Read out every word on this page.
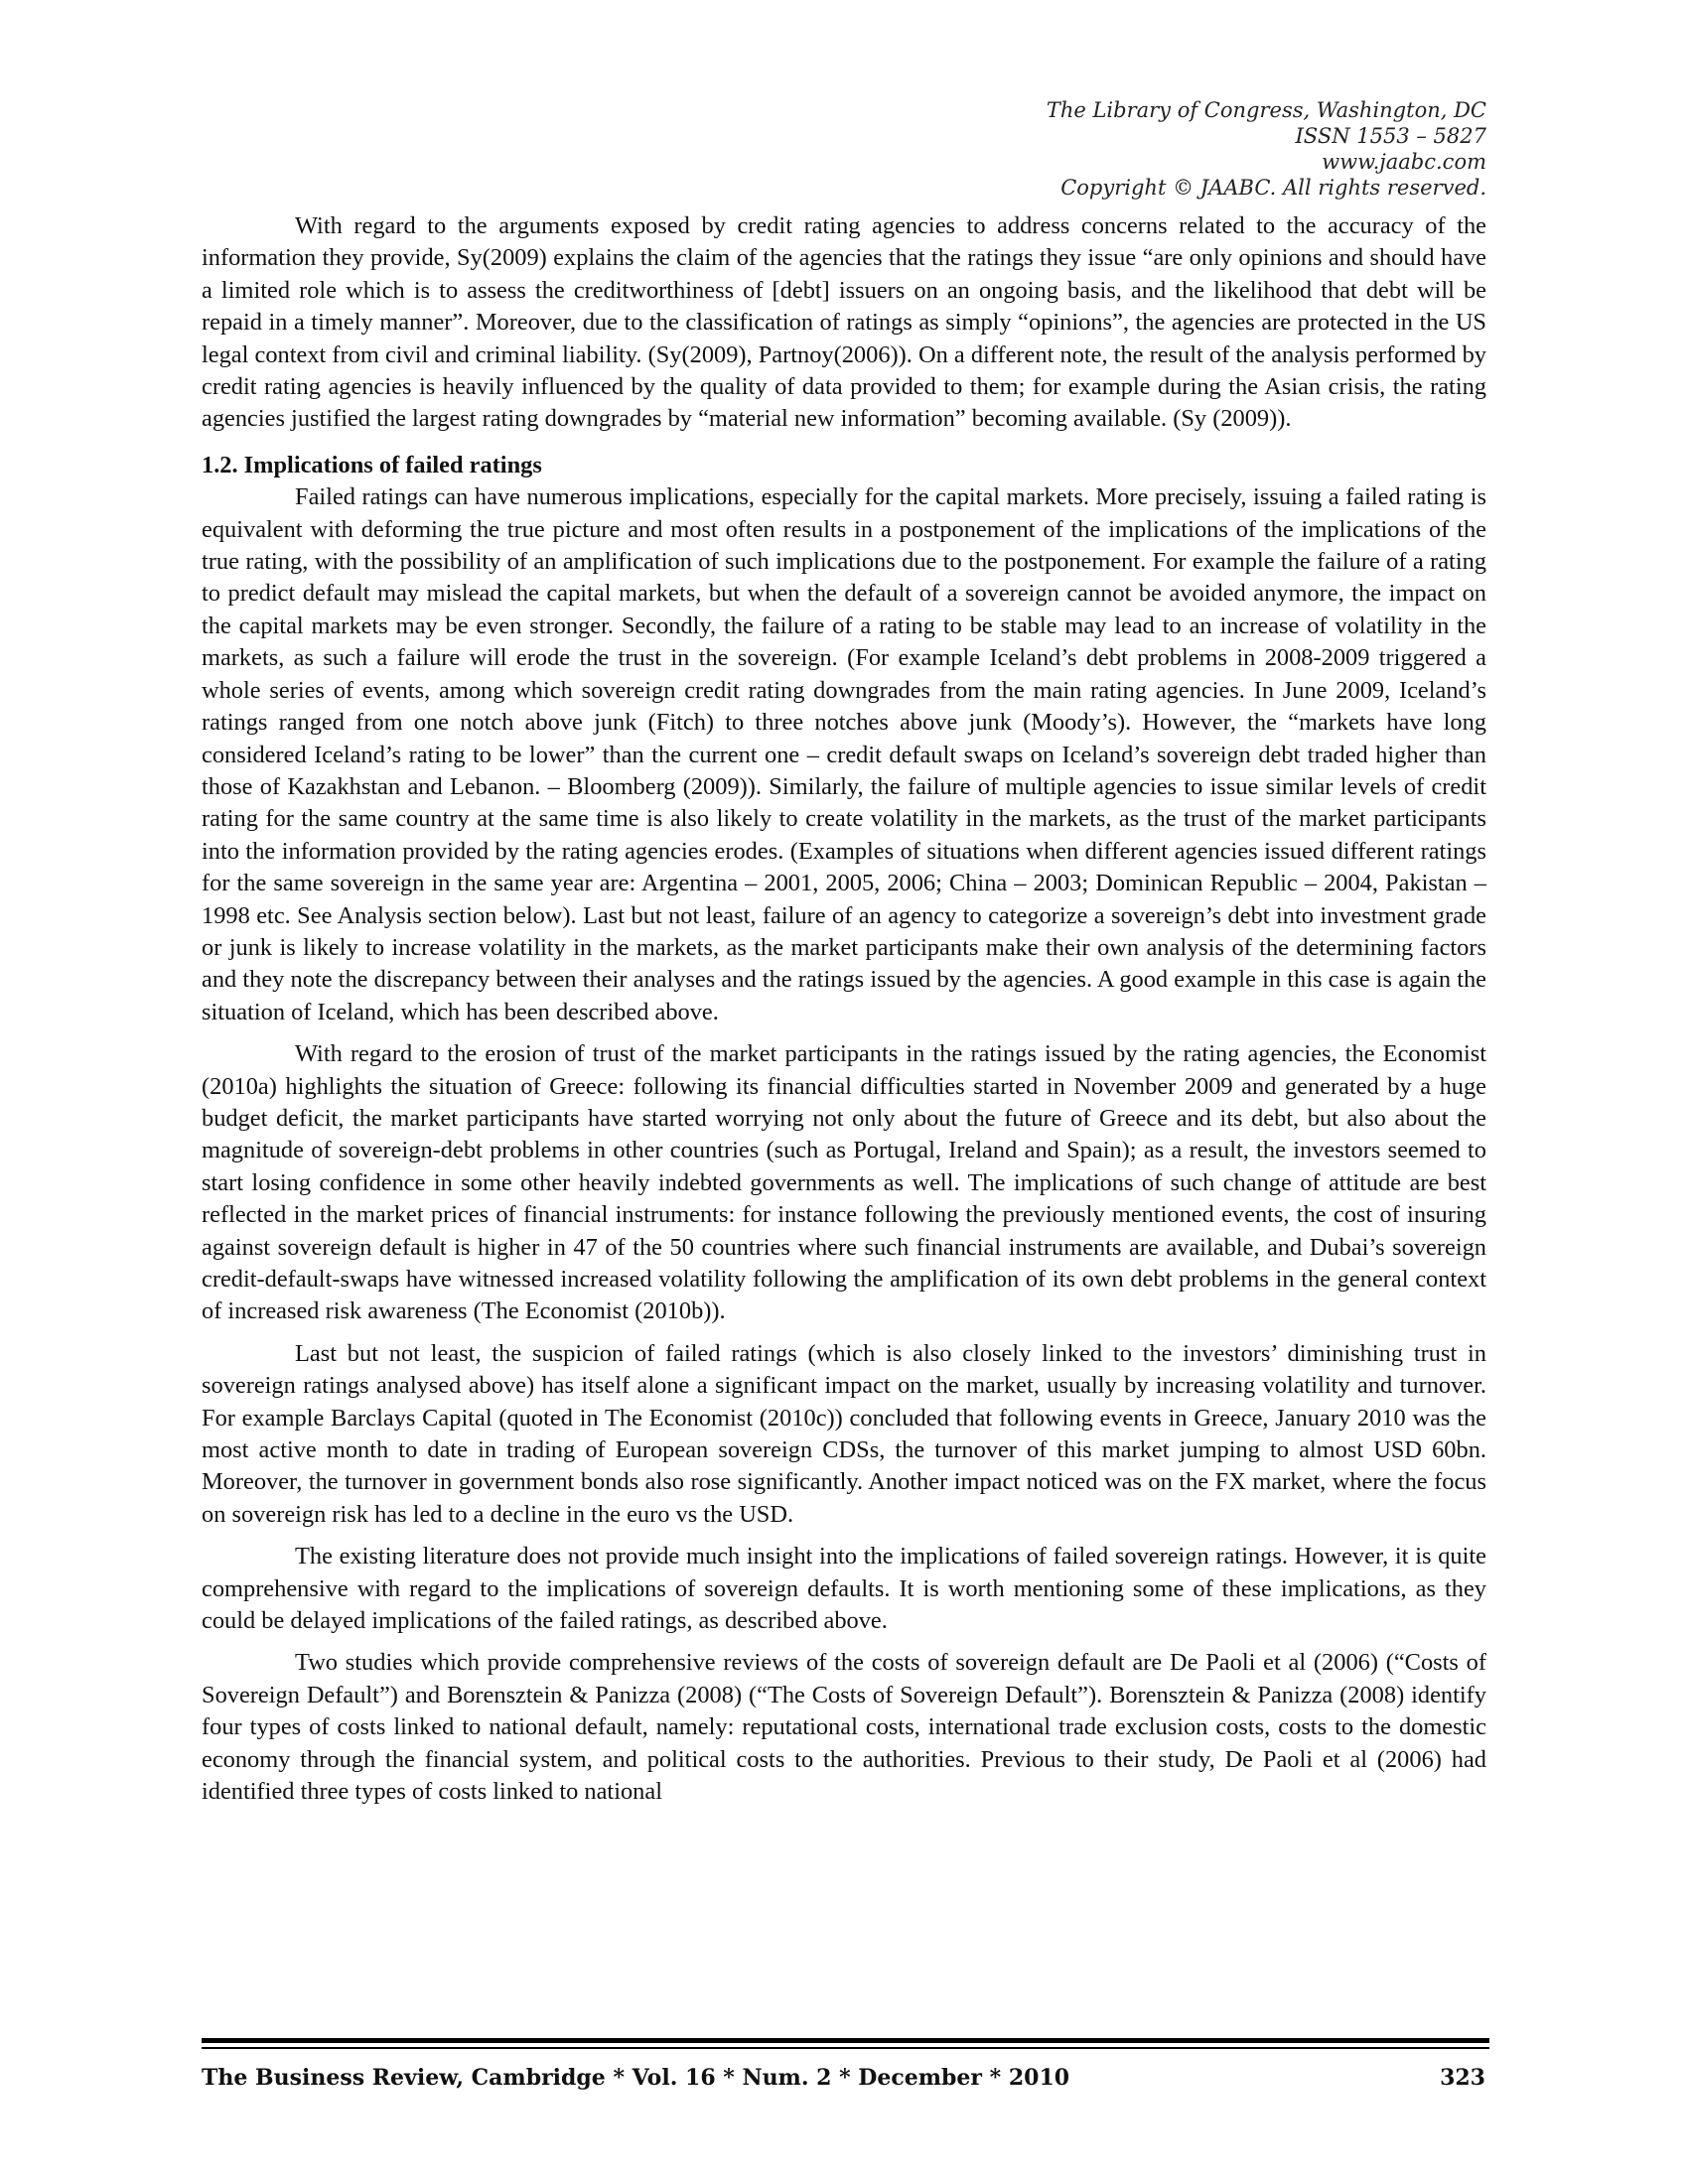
The Library of Congress, Washington, DC
ISSN 1553 – 5827
www.jaabc.com
Copyright © JAABC. All rights reserved.

With regard to the arguments exposed by credit rating agencies to address concerns related to the accuracy of the information they provide, Sy(2009) explains the claim of the agencies that the ratings they issue “are only opinions and should have a limited role which is to assess the creditworthiness of [debt] issuers on an ongoing basis, and the likelihood that debt will be repaid in a timely manner”. Moreover, due to the classification of ratings as simply “opinions”, the agencies are protected in the US legal context from civil and criminal liability. (Sy(2009), Partnoy(2006)). On a different note, the result of the analysis performed by credit rating agencies is heavily influenced by the quality of data provided to them; for example during the Asian crisis, the rating agencies justified the largest rating downgrades by “material new information” becoming available. (Sy (2009)).

1.2. Implications of failed ratings

Failed ratings can have numerous implications, especially for the capital markets. More precisely, issuing a failed rating is equivalent with deforming the true picture and most often results in a postponement of the implications of the implications of the true rating, with the possibility of an amplification of such implications due to the postponement. For example the failure of a rating to predict default may mislead the capital markets, but when the default of a sovereign cannot be avoided anymore, the impact on the capital markets may be even stronger. Secondly, the failure of a rating to be stable may lead to an increase of volatility in the markets, as such a failure will erode the trust in the sovereign. (For example Iceland’s debt problems in 2008-2009 triggered a whole series of events, among which sovereign credit rating downgrades from the main rating agencies. In June 2009, Iceland’s ratings ranged from one notch above junk (Fitch) to three notches above junk (Moody’s). However, the “markets have long considered Iceland’s rating to be lower” than the current one – credit default swaps on Iceland’s sovereign debt traded higher than those of Kazakhstan and Lebanon. – Bloomberg (2009)). Similarly, the failure of multiple agencies to issue similar levels of credit rating for the same country at the same time is also likely to create volatility in the markets, as the trust of the market participants into the information provided by the rating agencies erodes. (Examples of situations when different agencies issued different ratings for the same sovereign in the same year are: Argentina – 2001, 2005, 2006; China – 2003; Dominican Republic – 2004, Pakistan – 1998 etc. See Analysis section below). Last but not least, failure of an agency to categorize a sovereign’s debt into investment grade or junk is likely to increase volatility in the markets, as the market participants make their own analysis of the determining factors and they note the discrepancy between their analyses and the ratings issued by the agencies. A good example in this case is again the situation of Iceland, which has been described above.

With regard to the erosion of trust of the market participants in the ratings issued by the rating agencies, the Economist (2010a) highlights the situation of Greece: following its financial difficulties started in November 2009 and generated by a huge budget deficit, the market participants have started worrying not only about the future of Greece and its debt, but also about the magnitude of sovereign-debt problems in other countries (such as Portugal, Ireland and Spain); as a result, the investors seemed to start losing confidence in some other heavily indebted governments as well. The implications of such change of attitude are best reflected in the market prices of financial instruments: for instance following the previously mentioned events, the cost of insuring against sovereign default is higher in 47 of the 50 countries where such financial instruments are available, and Dubai’s sovereign credit-default-swaps have witnessed increased volatility following the amplification of its own debt problems in the general context of increased risk awareness (The Economist (2010b)).

Last but not least, the suspicion of failed ratings (which is also closely linked to the investors’ diminishing trust in sovereign ratings analysed above) has itself alone a significant impact on the market, usually by increasing volatility and turnover. For example Barclays Capital (quoted in The Economist (2010c)) concluded that following events in Greece, January 2010 was the most active month to date in trading of European sovereign CDSs, the turnover of this market jumping to almost USD 60bn. Moreover, the turnover in government bonds also rose significantly. Another impact noticed was on the FX market, where the focus on sovereign risk has led to a decline in the euro vs the USD.

The existing literature does not provide much insight into the implications of failed sovereign ratings. However, it is quite comprehensive with regard to the implications of sovereign defaults. It is worth mentioning some of these implications, as they could be delayed implications of the failed ratings, as described above.

Two studies which provide comprehensive reviews of the costs of sovereign default are De Paoli et al (2006) (“Costs of Sovereign Default”) and Borensztein & Panizza (2008) (“The Costs of Sovereign Default”). Borensztein & Panizza (2008) identify four types of costs linked to national default, namely: reputational costs, international trade exclusion costs, costs to the domestic economy through the financial system, and political costs to the authorities. Previous to their study, De Paoli et al (2006) had identified three types of costs linked to national

The Business Review, Cambridge * Vol. 16 * Num. 2 * December * 2010	323
